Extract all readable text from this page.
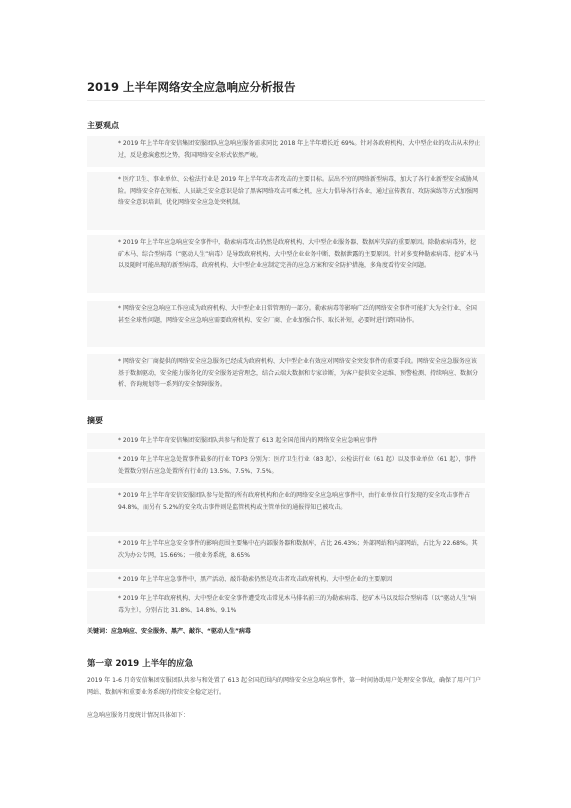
2019 上半年网络安全应急响应分析报告
主要观点
* 2019 年上半年奇安信集团安服团队应急响应服务需求同比 2018 年上半年增长近 69%。针对各政府机构、大中型企业的攻击从未停止过，反是愈演愈烈之势，我国网络安全形式依然严峻。
* 医疗卫生、事业单位、公检法行业是 2019 年上半年攻击者攻击的主要目标。层出不穷的网络新型病毒，加大了各行业新型安全威胁风险。网络安全存在短板、人员缺乏安全意识是给了黑客网络攻击可乘之机，应大力倡导各行各业，通过宣传教育、攻防演练等方式加强网络安全意识培训，优化网络安全应急处突机制。
* 2019 年上半年应急响应安全事件中，勒索病毒攻击仍然是政府机构、大中型企业服务器、数据库失陷的重要原因。除勒索病毒外，挖矿木马、综合型病毒（“驱动人生”病毒）是导致政府机构、大中型企业业务中断、数据泄露的主要原因。针对多变种勒索病毒、挖矿木马以及随时可能出现的新型病毒，政府机构、大中型企业应制定完善的应急方案和安全防护措施，多角度看待安全问题。
* 网络安全应急响应工作应成为政府机构、大中型企业日常管理的一部分。勒索病毒等影响广泛的网络安全事件可能扩大为全行业、全国甚至全球性问题，网络安全应急响应需要政府机构、安全厂商、企业加强合作、取长补短，必要时进行跨国协作。
* 网络安全厂商提供的网络安全应急服务已经成为政府机构、大中型企业有效应对网络安全突发事件的重要手段。网络安全应急服务应该基于数据驱动，安全能力服务化的安全服务运营理念，结合云端大数据和专家诊断，为客户提供安全运维、预警检测、持续响应、数据分析、咨询规划等一系列的安全保障服务。
摘要
* 2019 年上半年奇安信集团安服团队共参与和处置了 613 起全国范围内的网络安全应急响应事件
* 2019 年上半年应急处置事件最多的行业 TOP3 分别为：医疗卫生行业（83 起）、公检法行业（61 起）以及事业单位（61 起），事件处置数分别占应急处置所有行业的 13.5%、7.5%、7.5%。
* 2019 年上半年奇安信安服团队参与处置的所有政府机构和企业的网络安全应急响应事件中，由行业单位自行发现的安全攻击事件占 94.8%，而另有 5.2%的安全攻击事件则是监管机构或主管单位的通报得知已被攻击。
* 2019 年上半年应急安全事件的影响范围主要集中在内部服务器和数据库，占比 26.43%；外部网站和内部网站，占比为 22.68%。其次为办公专网，15.66%；一般业务系统，8.65%
* 2019 年上半年应急事件中，黑产活动、敲诈勒索仍然是攻击者攻击政府机构、大中型企业的主要原因
* 2019 年上半年政府机构、大中型企业安全事件遭受攻击常见木马排名前三的为勒索病毒、挖矿木马以及综合型病毒（以“驱动人生”病毒为主），分别占比 31.8%、14.8%、9.1%
关键词：应急响应、安全服务、黑产、敲诈、“驱动人生”病毒
第一章 2019 上半年的应急
2019 年 1-6 月奇安信集团安服团队共参与和处置了 613 起全国范围内的网络安全应急响应事件，第一时间协助用户处理安全事故，确保了用户门户网站、数据库和重要业务系统的持续安全稳定运行。
应急响应服务月度统计情况具体如下：
